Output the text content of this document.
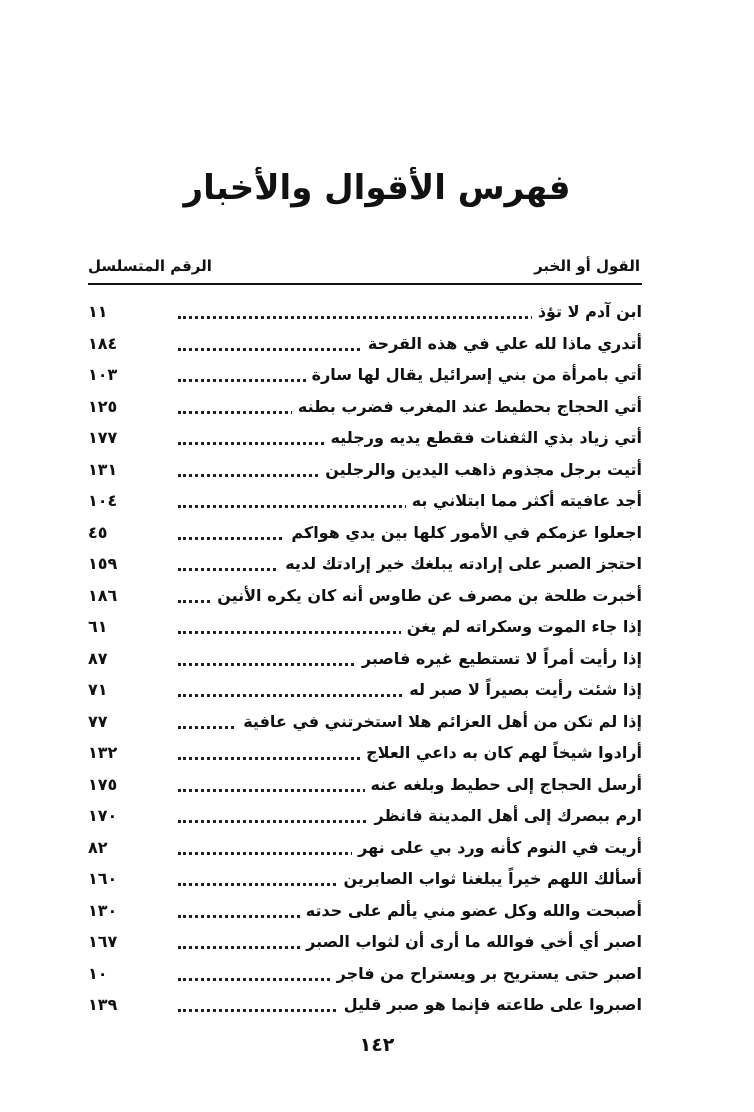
فهرس الأقوال والأخبار
القول أو الخبر
الرقم المتسلسل
ابن آدم لا تؤذ
١١
أتدري ماذا لله علي في هذه القرحة
١٨٤
أتي بامرأة من بني إسرائيل يقال لها سارة
١٠٣
أتي الحجاج بحطيط عند المغرب فضرب بطنه
١٢٥
أتي زياد بذي الثفنات فقطع يديه ورجليه
١٧٧
أتيت برجل مجذوم ذاهب اليدين والرجلين
١٣١
أجد عافيته أكثر مما ابتلاني به
١٠٤
اجعلوا عزمكم في الأمور كلها بين يدي هواكم
٤٥
احتجز الصبر على إرادته يبلغك خير إرادتك لديه
١٥٩
أخبرت طلحة بن مصرف عن طاوس أنه كان يكره الأنين
١٨٦
إذا جاء الموت وسكراته لم يغن
٦١
إذا رأيت أمراً لا تستطيع غيره فاصبر
٨٧
إذا شئت رأيت بصيراً لا صبر له
٧١
إذا لم تكن من أهل العزائم هلا استخرتني في عافية
٧٧
أرادوا شيخاً لهم كان به داعي العلاج
١٣٢
أرسل الحجاج إلى حطيط وبلغه عنه
١٧٥
ارم ببصرك إلى أهل المدينة فانظر
١٧٠
أريت في النوم كأنه ورد بي على نهر
٨٢
أسألك اللهم خيراً يبلغنا ثواب الصابرين
١٦٠
أصبحت والله وكل عضو مني يألم على حدته
١٣٠
اصبر أي أخي فوالله ما أرى أن لثواب الصبر
١٦٧
اصبر حتى يستريح بر ويستراح من فاجر
١٠
اصبروا على طاعته فإنما هو صبر قليل
١٣٩
١٤٢
